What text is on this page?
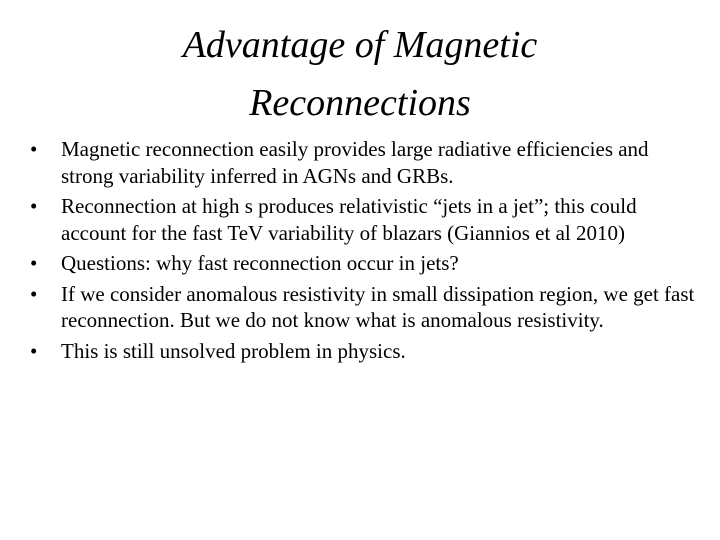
Advantage of Magnetic
Reconnections
•	Magnetic reconnection easily provides large radiative efficiencies and strong variability inferred in AGNs and GRBs.
•	Reconnection at high s produces relativistic “jets in a jet”; this could account for the fast TeV variability of blazars (Giannios et al 2010)
•	Questions: why fast reconnection occur in jets?
•	If we consider anomalous resistivity in small dissipation region, we get fast reconnection. But we do not know what is anomalous resistivity.
•	This is still unsolved problem in physics.
